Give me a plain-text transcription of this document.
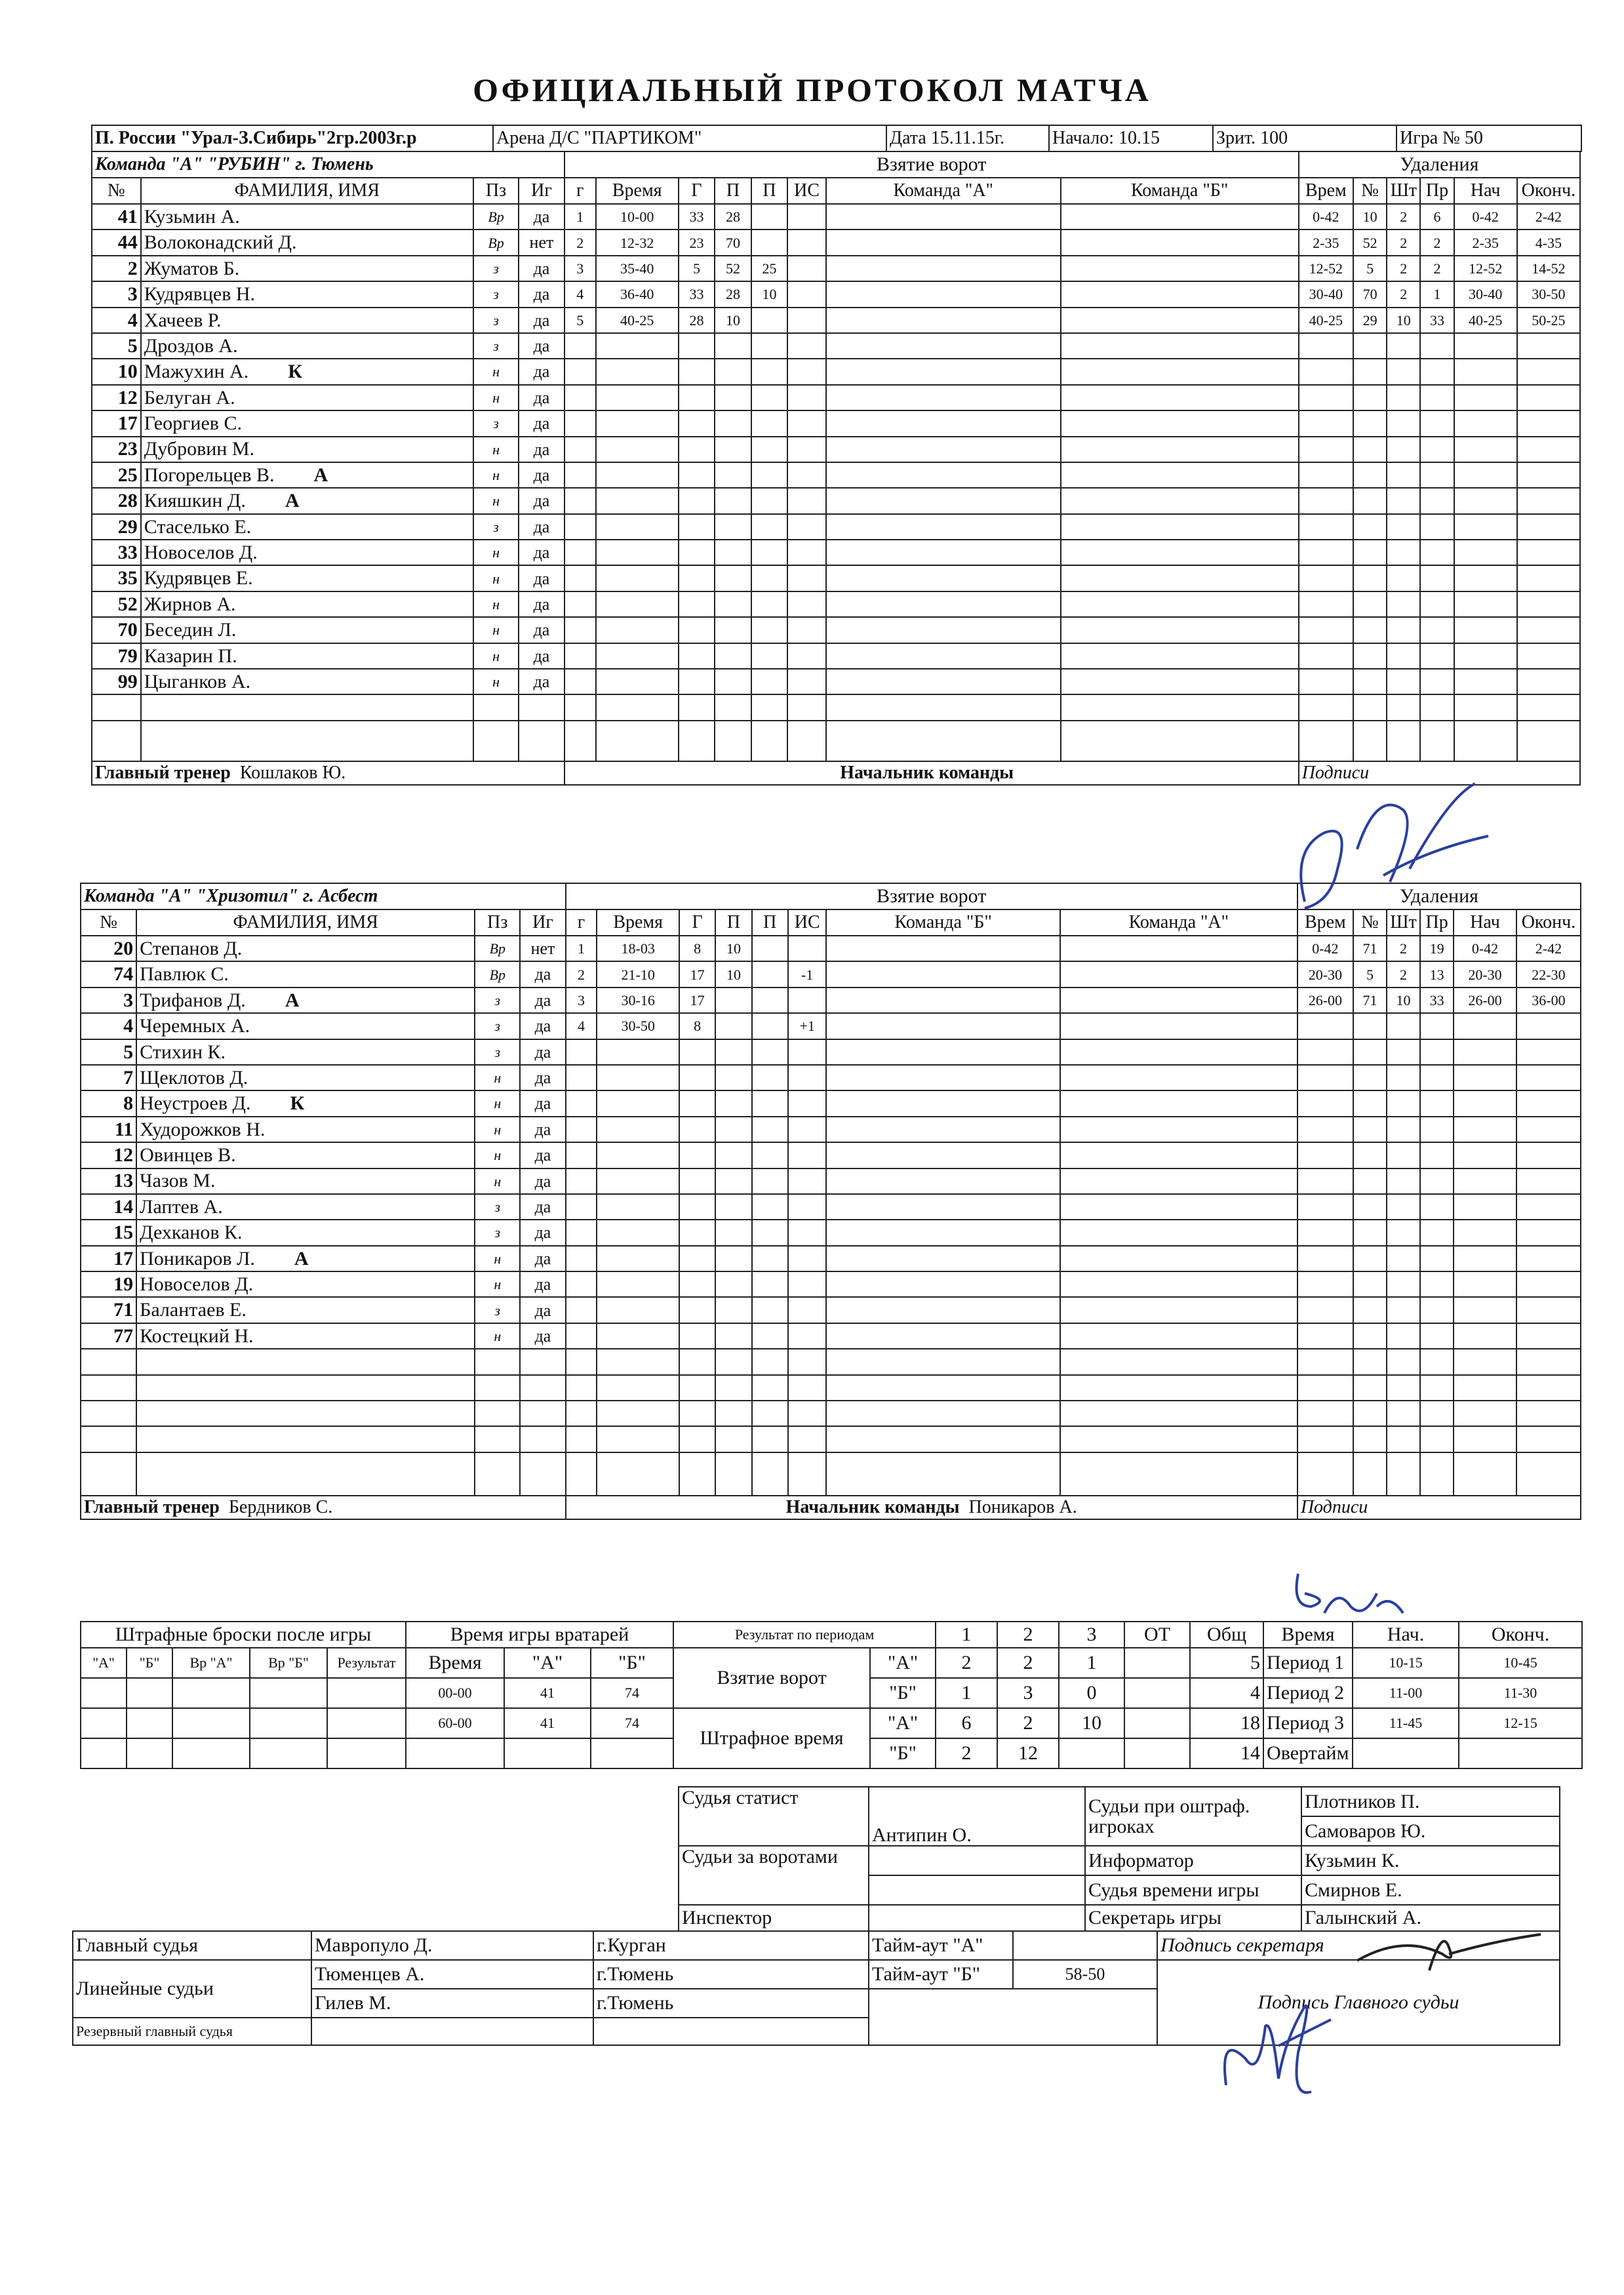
ОФИЦИАЛЬНЫЙ ПРОТОКОЛ МАТЧА
П. России "Урал-З.Сибирь"2гр.2003г.р	Арена Д/С "ПАРТИКОМ"	Дата 15.11.15г.	Начало: 10.15	Зрит. 100	Игра № 50
Команда "А" "РУБИН" г. Тюмень				Взятие ворот								Удаления					
№	ФАМИЛИЯ, ИМЯ	Пз	Иг	г	Время	Г	П	П	ИС	Команда "А"	Команда "Б"	Врем	№	Шт	Пр	Нач	Оконч.
41	Кузьмин А.	Вр	да	1	10-00	33	28					0-42	10	2	6	0-42	2-42
44	Волоконадский Д.	Вр	нет	2	12-32	23	70					2-35	52	2	2	2-35	4-35
2	Жуматов Б.	з	да	3	35-40	5	52	25				12-52	5	2	2	12-52	14-52
3	Кудрявцев Н.	з	да	4	36-40	33	28	10				30-40	70	2	1	30-40	30-50
4	Хачеев Р.	з	да	5	40-25	28	10					40-25	29	10	33	40-25	50-25
5	Дроздов А.	з	да														
10	Мажухин А. К	н	да														
12	Белуган А.	н	да														
17	Георгиев С.	з	да														
23	Дубровин М.	н	да														
25	Погорельцев В. А	н	да														
28	Кияшкин Д. А	н	да														
29	Стаселько Е.	з	да														
33	Новоселов Д.	н	да														
35	Кудрявцев Е.	н	да														
52	Жирнов А.	н	да														
70	Беседин Л.	н	да														
79	Казарин П.	н	да														
99	Цыганков А.	н	да														

Главный тренер Кошлаков Ю.				Начальник команды								Подписи					
Команда "А" "Хризотил" г. Асбест				Взятие ворот								Удаления					
№	ФАМИЛИЯ, ИМЯ	Пз	Иг	г	Время	Г	П	П	ИС	Команда "Б"	Команда "А"	Врем	№	Шт	Пр	Нач	Оконч.
20	Степанов Д.	Вр	нет	1	18-03	8	10					0-42	71	2	19	0-42	2-42
74	Павлюк С.	Вр	да	2	21-10	17	10		-1			20-30	5	2	13	20-30	22-30
3	Трифанов Д. А	з	да	3	30-16	17						26-00	71	10	33	26-00	36-00
4	Черемных А.	з	да	4	30-50	8			+1								
5	Стихин К.	з	да														
7	Щеклотов Д.	н	да														
8	Неустроев Д. К	н	да														
11	Худорожков Н.	н	да														
12	Овинцев В.	н	да														
13	Чазов М.	н	да														
14	Лаптев А.	з	да														
15	Дехканов К.	з	да														
17	Поникаров Л. А	н	да														
19	Новоселов Д.	н	да														
71	Балантаев Е.	з	да														
77	Костецкий Н.	н	да														

Главный тренер Бердников С.				Начальник команды Поникаров А.								Подписи					
Штрафные броски после игры					Время игры вратарей			Результат по периодам		1	2	3	ОТ	Общ	Время	Нач.	Оконч.
"А"	"Б"	Вр "А"	Вр "Б"	Результат	Время	"А"	"Б"	Взятие ворот	"А"	2	2	1		5	Период 1	10-15	10-45
					00-00	41	74		"Б"	1	3	0		4	Период 2	11-00	11-30
					60-00	41	74	Штрафное время	"А"	6	2	10		18	Период 3	11-45	12-15
									"Б"	2	12			14	Овертайм		
Судья статист	Антипин О.	Судьи при оштраф. игроках	Плотников П.
			Самоваров Ю.
Судьи за воротами		Информатор	Кузьмин К.
		Судья времени игры	Смирнов Е.
Инспектор		Секретарь игры	Галынский А.
Главный судья	Мавропуло Д.	г.Курган	Тайм-аут "А"		Подпись секретаря
Линейные судьи	Тюменцев А.	г.Тюмень	Тайм-аут "Б"	58-50	Подпись Главного судьи
	Гилев М.	г.Тюмень			
Резервный главный судья					
